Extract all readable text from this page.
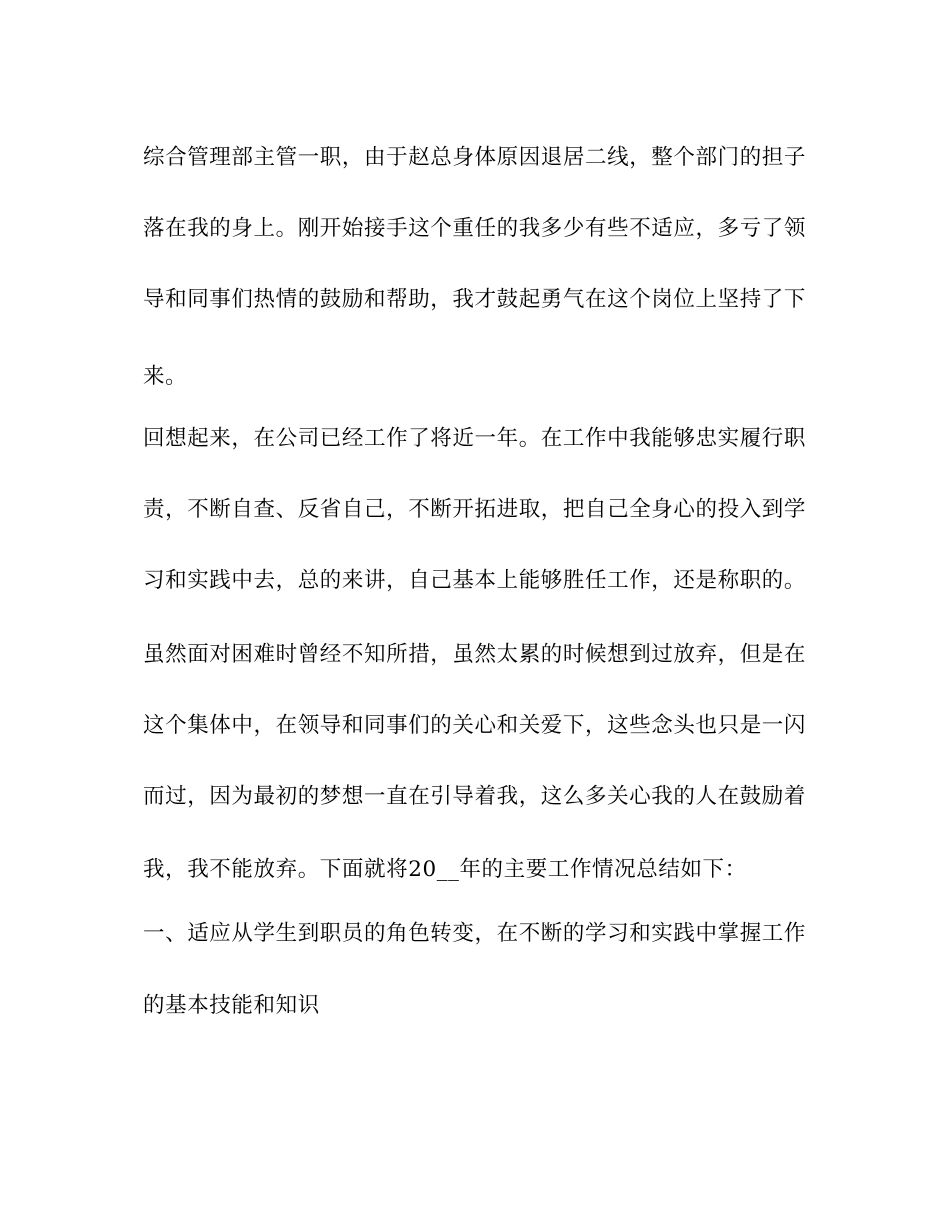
综合管理部主管一职，由于赵总身体原因退居二线，整个部门的担子
落在我的身上。刚开始接手这个重任的我多少有些不适应，多亏了领
导和同事们热情的鼓励和帮助，我才鼓起勇气在这个岗位上坚持了下
来。
回想起来，在公司已经工作了将近一年。在工作中我能够忠实履行职
责，不断自查、反省自己，不断开拓进取，把自己全身心的投入到学
习和实践中去，总的来讲，自己基本上能够胜任工作，还是称职的。
虽然面对困难时曾经不知所措，虽然太累的时候想到过放弃，但是在
这个集体中，在领导和同事们的关心和关爱下，这些念头也只是一闪
而过，因为最初的梦想一直在引导着我，这么多关心我的人在鼓励着
我，我不能放弃。下面就将20__年的主要工作情况总结如下：
一、适应从学生到职员的角色转变，在不断的学习和实践中掌握工作
的基本技能和知识
